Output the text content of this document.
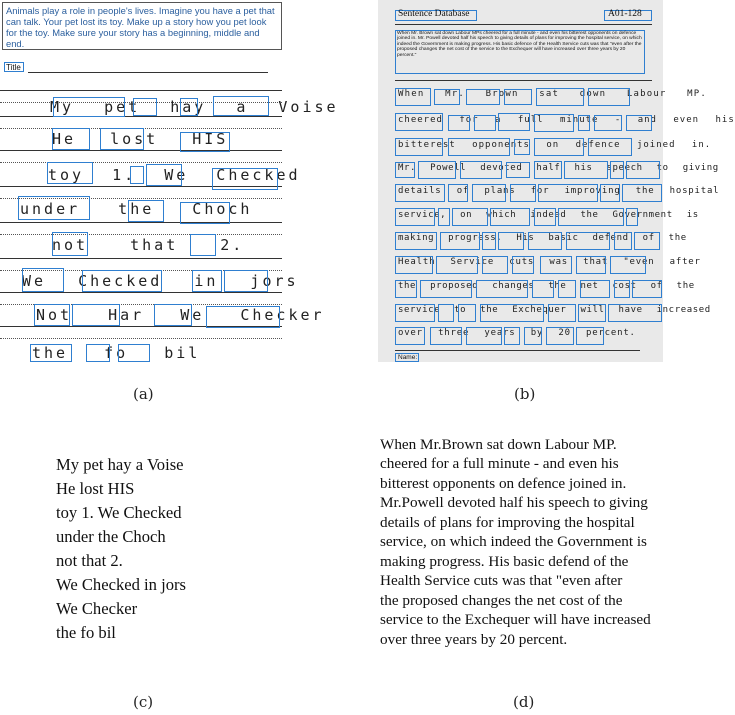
Animals play a role in people's lives. Imagine you have a pet that can talk. Your pet lost its toy. Make up a story how you pet look for the toy. Make sure your story has a beginning, middle and end.
Title
My pet hay a Voise
He lost HIS
toy 1. We Checked
under the Choch
not that 2.
We Checked in jors
Not Har We Checker
the fo bil
(a)
Sentence Database	A01-128
When Mr. Brown sat down Labour MPs cheered for a full minute - and even his bitterest opponents on defence joined in. Mr. Powell devoted half his speech to giving details of plans for improving the hospital service, on which indeed the Government is making progress. His basic defence of the Health Service cuts was that "even after the proposed changes the net cost of the service to the Exchequer will have increased over three years by 20 percent."
When Mr. Brown sat down Labour MP.
cheered for a full minute - and even his
bitterest opponents on defence joined in.
Mr. Powell devoted half his speech to giving
details of plans for improving the hospital
service, on which indeed the Government is
making progress. His basic defend of the
Health Service cuts was that "even after
the proposed changes the net cost of the
service to the Exchequer will have increased
over three years by 20 percent.
Name:
(b)
My pet hay a Voise
He lost HIS
toy 1. We Checked
under the Choch
not that 2.
We Checked in jors
We Checker
the fo bil
(c)
When Mr.Brown sat down Labour MP.
cheered for a full minute - and even his
bitterest opponents on defence joined in.
Mr.Powell devoted half his speech to giving
details of plans for improving the hospital
service, on which indeed the Government is
making progress. His basic defend of the
Health Service cuts was that "even after
the proposed changes the net cost of the
service to the Exchequer will have increased
over three years by 20 percent.
(d)
